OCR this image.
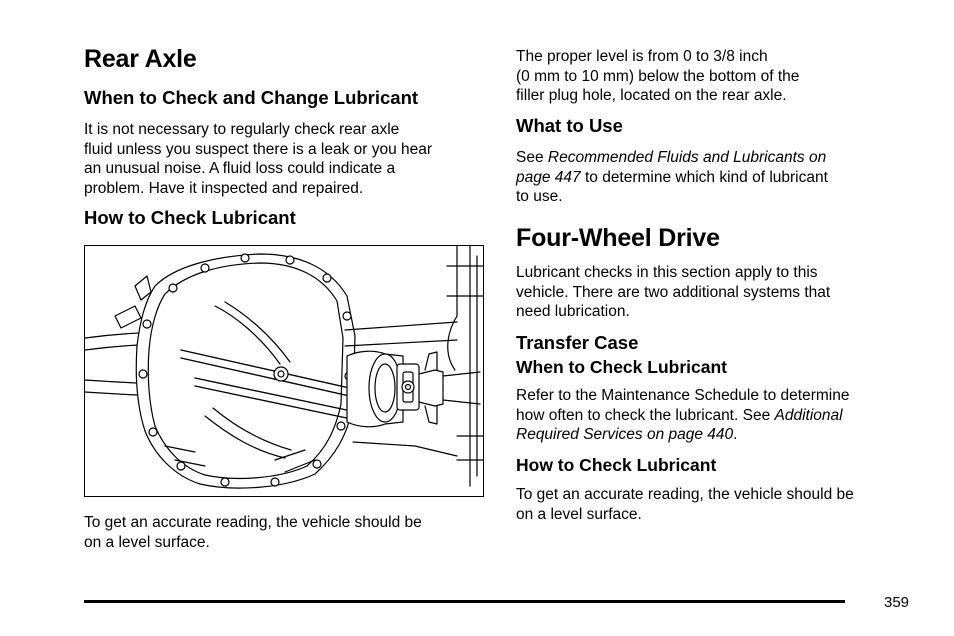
Rear Axle
When to Check and Change Lubricant

It is not necessary to regularly check rear axle
fluid unless you suspect there is a leak or you hear
an unusual noise. A fluid loss could indicate a
problem. Have it inspected and repaired.

How to Check Lubricant

To get an accurate reading, the vehicle should be
on a level surface.

The proper level is from 0 to 3/8 inch
(0 mm to 10 mm) below the bottom of the
filler plug hole, located on the rear axle.

What to Use

See Recommended Fluids and Lubricants on
page 447 to determine which kind of lubricant
to use.

Four-Wheel Drive

Lubricant checks in this section apply to this
vehicle. There are two additional systems that
need lubrication.

Transfer Case
When to Check Lubricant

Refer to the Maintenance Schedule to determine
how often to check the lubricant. See Additional
Required Services on page 440.

How to Check Lubricant

To get an accurate reading, the vehicle should be
on a level surface.

359
